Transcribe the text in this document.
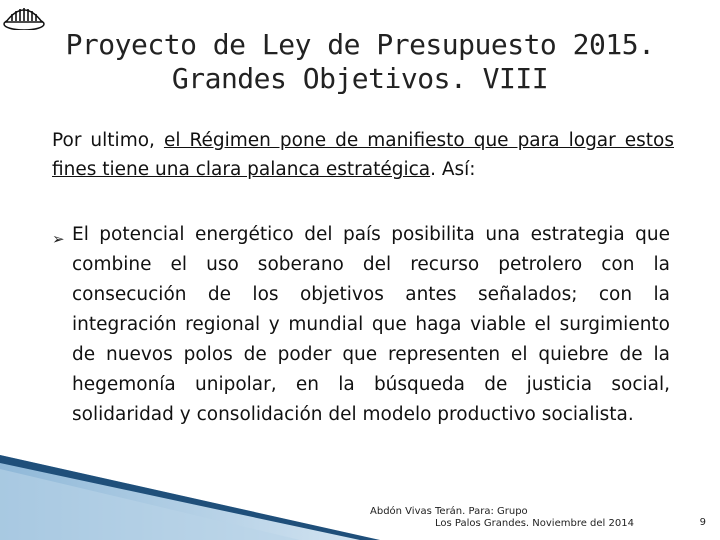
Proyecto de Ley de Presupuesto 2015.
Grandes Objetivos. VIII
Por ultimo, el Régimen pone de manifiesto que para logar estos fines tiene una clara palanca estratégica. Así:
➢ El potencial energético del país posibilita una estrategia que combine el uso soberano del recurso petrolero con la consecución de los objetivos antes señalados; con la integración regional y mundial que haga viable el surgimiento de nuevos polos de poder que representen el quiebre de la hegemonía unipolar, en la búsqueda de justicia social, solidaridad y consolidación del modelo productivo socialista.
Abdón Vivas Terán. Para: Grupo
Los Palos Grandes. Noviembre del 2014	9
